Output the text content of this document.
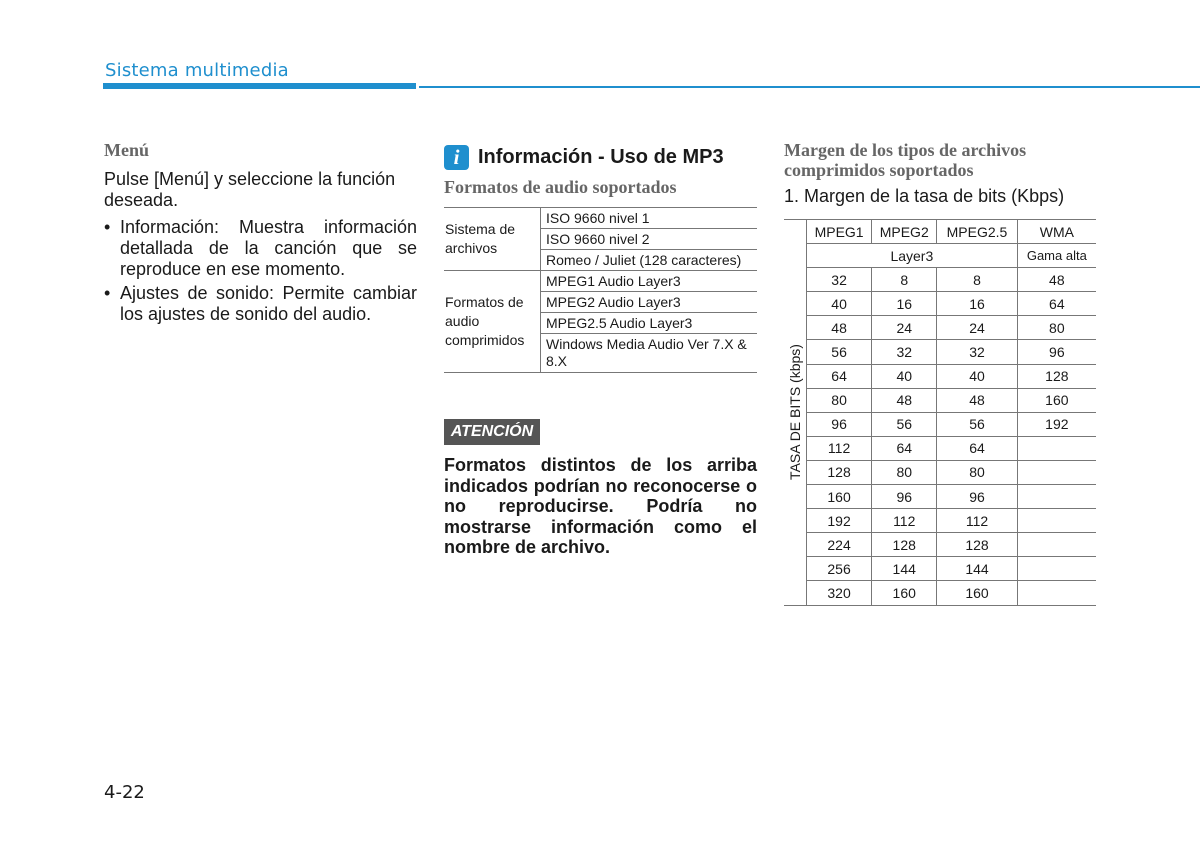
Sistema multimedia
Menú

Pulse [Menú] y seleccione la función deseada.

• Información: Muestra información detallada de la canción que se reproduce en ese momento.
• Ajustes de sonido: Permite cambiar los ajustes de sonido del audio.
i Información - Uso de MP3
Formatos de audio soportados
Sistema de archivos	ISO 9660 nivel 1
	ISO 9660 nivel 2
	Romeo / Juliet (128 caracteres)
Formatos de audio comprimidos	MPEG1 Audio Layer3
	MPEG2 Audio Layer3
	MPEG2.5 Audio Layer3
	Windows Media Audio Ver 7.X & 8.X
ATENCIÓN

Formatos distintos de los arriba indicados podrían no reconocerse o no reproducirse. Podría no mostrarse información como el nombre de archivo.

Margen de los tipos de archivos comprimidos soportados

1. Margen de la tasa de bits (Kbps)

TASA DE BITS (kbps)	MPEG1	MPEG2	MPEG2.5	WMA
	Layer3			Gama alta
	32	8	8	48
	40	16	16	64
	48	24	24	80
	56	32	32	96
	64	40	40	128
	80	48	48	160
	96	56	56	192
	112	64	64	
	128	80	80	
	160	96	96	
	192	112	112	
	224	128	128	
	256	144	144	
	320	160	160	
4-22
